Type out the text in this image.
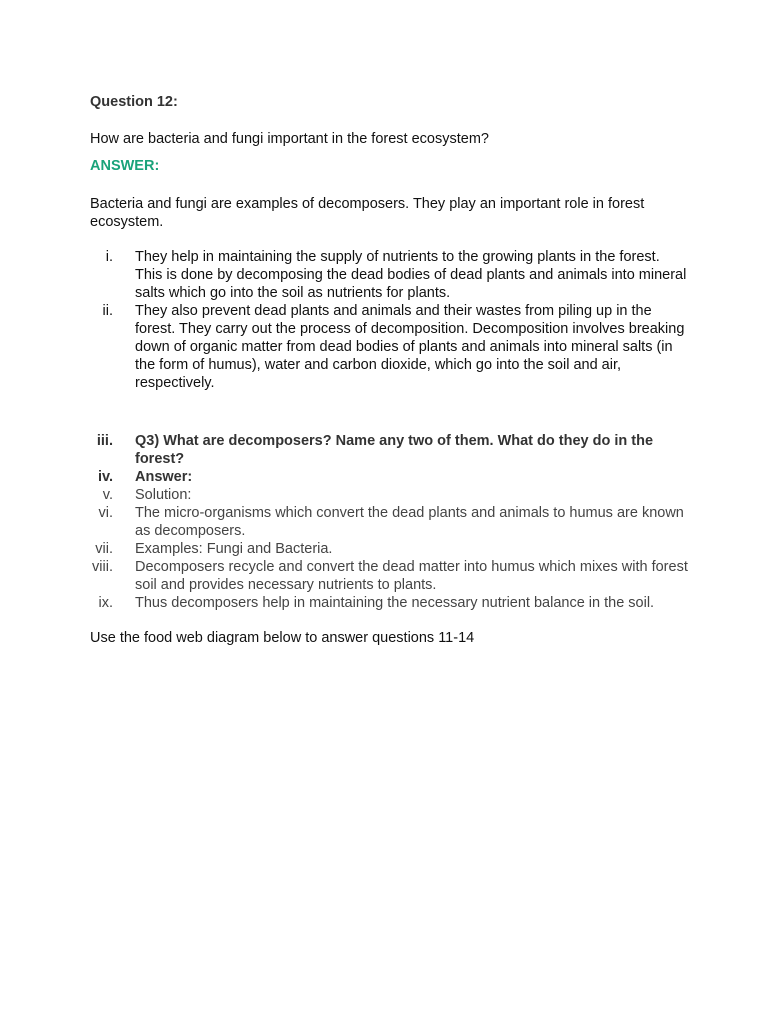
Question 12:

How are bacteria and fungi important in the forest ecosystem?

ANSWER:

Bacteria and fungi are examples of decomposers. They play an important role in forest ecosystem.

i. They help in maintaining the supply of nutrients to the growing plants in the forest. This is done by decomposing the dead bodies of dead plants and animals into mineral salts which go into the soil as nutrients for plants.
ii. They also prevent dead plants and animals and their wastes from piling up in the forest. They carry out the process of decomposition. Decomposition involves breaking down of organic matter from dead bodies of plants and animals into mineral salts (in the form of humus), water and carbon dioxide, which go into the soil and air, respectively.
iii. Q3) What are decomposers? Name any two of them. What do they do in the forest?
iv. Answer:
v. Solution:
vi. The micro-organisms which convert the dead plants and animals to humus are known as decomposers.
vii. Examples: Fungi and Bacteria.
viii. Decomposers recycle and convert the dead matter into humus which mixes with forest soil and provides necessary nutrients to plants.
ix. Thus decomposers help in maintaining the necessary nutrient balance in the soil.

Use the food web diagram below to answer questions 11-14
